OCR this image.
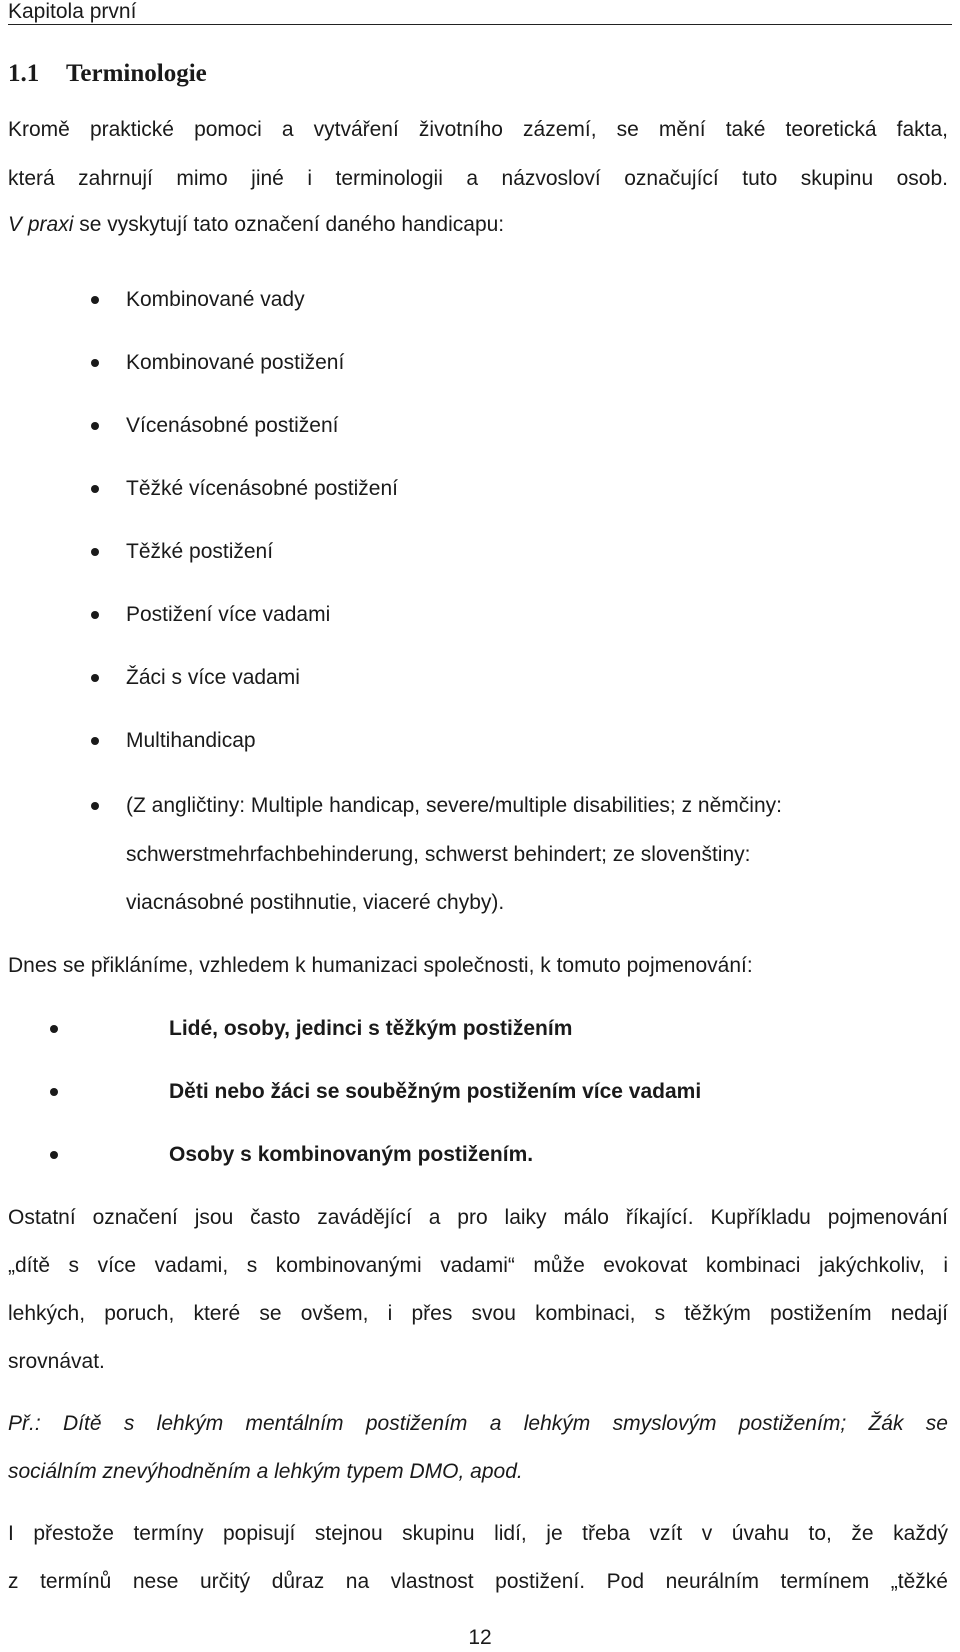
Kapitola první
1.1 Terminologie

Kromě praktické pomoci a vytváření životního zázemí, se mění také teoretická fakta,

která zahrnují mimo jiné i terminologii a názvosloví označující tuto skupinu osob.

V praxi se vyskytují tato označení daného handicapu:

Kombinované vady
Kombinované postižení
Vícenásobné postižení
Těžké vícenásobné postižení
Těžké postižení
Postižení více vadami
Žáci s více vadami
Multihandicap
(Z angličtiny: Multiple handicap, severe/multiple disabilities; z němčiny:
schwerstmehrfachbehinderung, schwerst behindert; ze slovenštiny:
viacnásobné postihnutie, viaceré chyby).

Dnes se přikláníme, vzhledem k humanizaci společnosti, k tomuto pojmenování:

Lidé, osoby, jedinci s těžkým postižením
Děti nebo žáci se souběžným postižením více vadami
Osoby s kombinovaným postižením.

Ostatní označení jsou často zavádějící a pro laiky málo říkající. Kupříkladu pojmenování

„dítě s více vadami, s kombinovanými vadami“ může evokovat kombinaci jakýchkoliv, i

lehkých, poruch, které se ovšem, i přes svou kombinaci, s těžkým postižením nedají

srovnávat.

Př.: Dítě s lehkým mentálním postižením a lehkým smyslovým postižením; Žák se

sociálním znevýhodněním a lehkým typem DMO, apod.

I přestože termíny popisují stejnou skupinu lidí, je třeba vzít v úvahu to, že každý

z termínů nese určitý důraz na vlastnost postižení. Pod neurálním termínem „těžké

12
